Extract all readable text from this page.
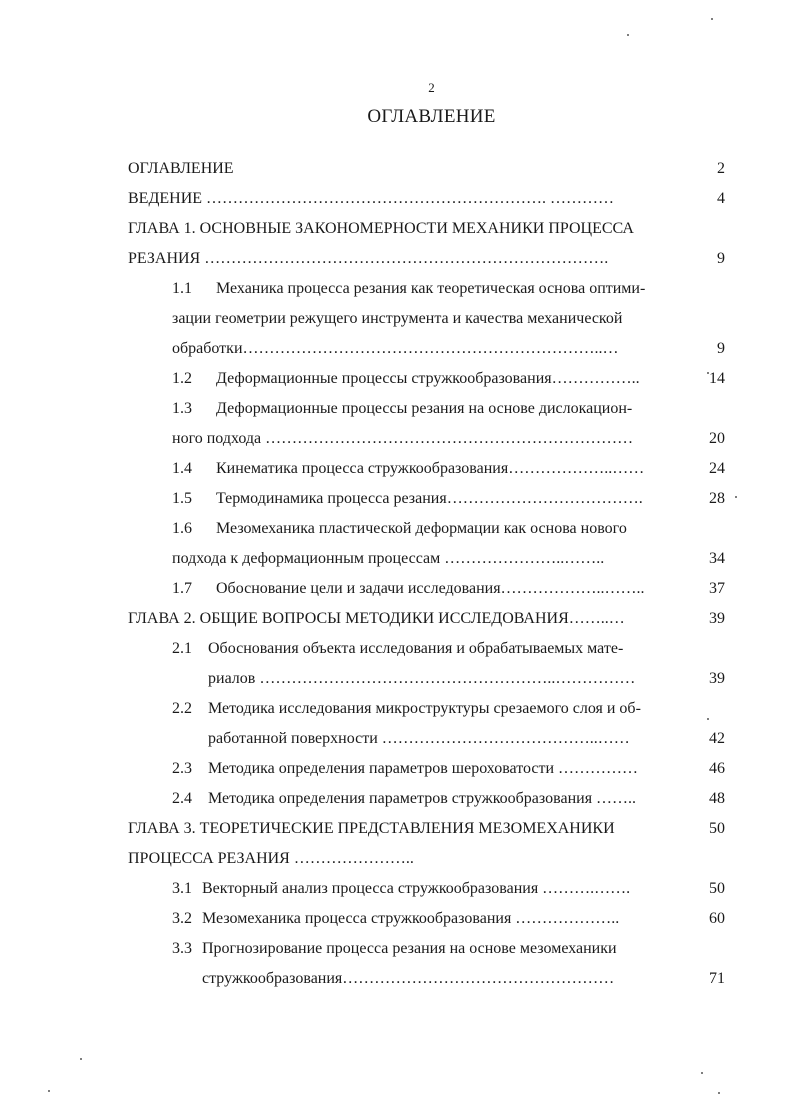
2
ОГЛАВЛЕНИЕ
ОГЛАВЛЕНИЕ	2
ВЕДЕНИЕ ………………………………………………………. …………	4
ГЛАВА 1. ОСНОВНЫЕ ЗАКОНОМЕРНОСТИ МЕХАНИКИ ПРОЦЕССА
РЕЗАНИЯ ………………………………………………………………….	9
1.1 Механика процесса резания как теоретическая основа оптими-
зации геометрии режущего инструмента и качества механической
обработки…………………………………………………………..…	9
1.2 Деформационные процессы стружкообразования……………..	14
1.3 Деформационные процессы резания на основе дислокацион-
ного подхода ……………………………………………………………	20
1.4 Кинематика процесса стружкообразования………………..……	24
1.5 Термодинамика процесса резания……………………………….	28
1.6 Мезомеханика пластической деформации как основа нового
подхода к деформационным процессам …………………..……..	34
1.7 Обоснование цели и задачи исследования………………..……..	37
ГЛАВА 2. ОБЩИЕ ВОПРОСЫ МЕТОДИКИ ИССЛЕДОВАНИЯ……..…	39
2.1 Обоснования объекта исследования и обрабатываемых мате-
риалов ………………………………………………..……………	39
2.2 Методика исследования микроструктуры срезаемого слоя и об-
работанной поверхности …………………………………..……	42
2.3 Методика определения параметров шероховатости ……………	46
2.4 Методика определения параметров стружкообразования ……..	48
ГЛАВА 3. ТЕОРЕТИЧЕСКИЕ ПРЕДСТАВЛЕНИЯ МЕЗОМЕХАНИКИ	50
ПРОЦЕССА РЕЗАНИЯ …………………..
3.1 Векторный анализ процесса стружкообразования ……….…….	50
3.2 Мезомеханика процесса стружкообразования ………………..	60
3.3 Прогнозирование процесса резания на основе мезомеханики
стружкообразования……………………………………………	71
